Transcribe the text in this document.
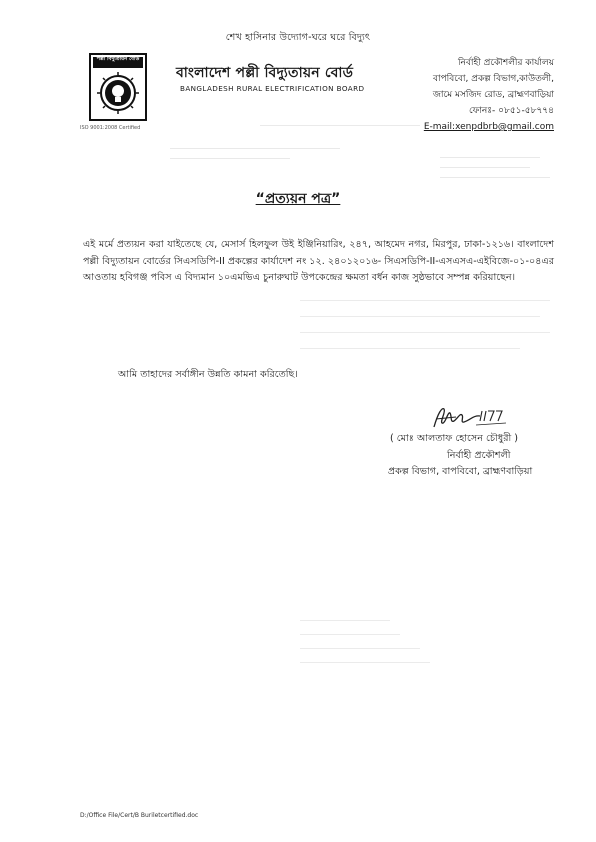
শেখ হাসিনার উদ্যোগ-ঘরে ঘরে বিদ্যুৎ
পল্লী বিদ্যুতায়ন বোর্ড
ISO 9001:2008 Certified
বাংলাদেশ পল্লী বিদ্যুতায়ন বোর্ড
BANGLADESH RURAL ELECTRIFICATION BOARD
নির্বাহী প্রকৌশলীর কার্যালয়
বাপবিবো, প্রকল্প বিভাগ,কাউতলী,
জামে মসজিদ রোড, ব্রাহ্মণবাড়িয়া
ফোনঃ- ০৮৫১-৫৮৭৭৪
E-mail:xenpdbrb@gmail.com
“প্রত্যয়ন পত্র”
এই মর্মে প্রত্যয়ন করা যাইতেছে যে, মেসার্স হিলফুল উই ইঞ্জিনিয়ারিং, ২৪৭, আহমেদ নগর, মিরপুর, ঢাকা-১২১৬। বাংলাদেশ পল্লী বিদ্যুতায়ন বোর্ডের সিএসডিপি-II প্রকল্পের কার্যাদেশ নং ১২. ২৪০১২০১৬- সিএসডিপি-II-এসএসএ-এইবিজে-০১-০৪এর আওতায় হবিগঞ্জ পবিস এ বিদ্যমান ১০এমভিএ চুনারুঘাট উপকেন্দ্রের ক্ষমতা বর্ধন কাজ সুষ্ঠভাবে সম্পন্ন করিয়াছেন।
আমি তাহাদের সর্বাঙ্গীন উন্নতি কামনা করিতেছি।
( মোঃ আলতাফ হোসেন চৌধুরী )
নির্বাহী প্রকৌশলী
প্রকল্প বিভাগ, বাপবিবো, ব্রাহ্মণবাড়িয়া
D:/Office File/Cert/B BuriletcertifIed.doc
